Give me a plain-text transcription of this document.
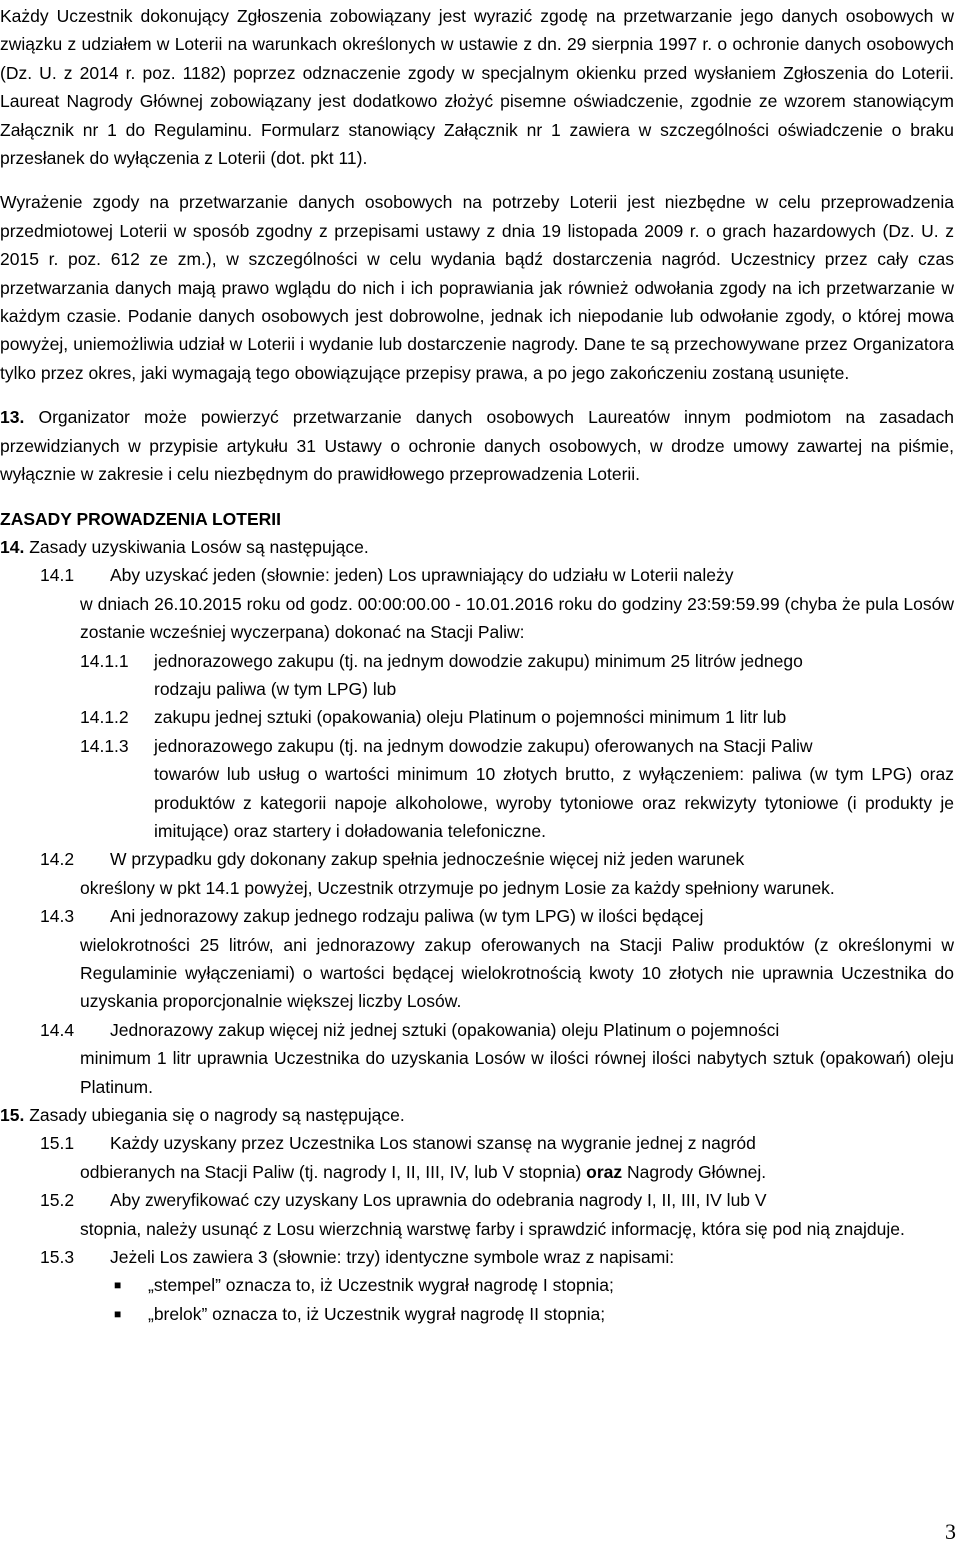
Każdy Uczestnik dokonujący Zgłoszenia zobowiązany jest wyrazić zgodę na przetwarzanie jego danych osobowych w związku z udziałem w Loterii na warunkach określonych w ustawie z dn. 29 sierpnia 1997 r. o ochronie danych osobowych (Dz. U. z 2014 r. poz. 1182) poprzez odznaczenie zgody w specjalnym okienku przed wysłaniem Zgłoszenia do Loterii. Laureat Nagrody Głównej zobowiązany jest dodatkowo złożyć pisemne oświadczenie, zgodnie ze wzorem stanowiącym Załącznik nr 1 do Regulaminu. Formularz stanowiący Załącznik nr 1 zawiera w szczególności oświadczenie o braku przesłanek do wyłączenia z Loterii (dot. pkt 11).

Wyrażenie zgody na przetwarzanie danych osobowych na potrzeby Loterii jest niezbędne w celu przeprowadzenia przedmiotowej Loterii w sposób zgodny z przepisami ustawy z dnia 19 listopada 2009 r. o grach hazardowych (Dz. U. z 2015 r. poz. 612 ze zm.), w szczególności w celu wydania bądź dostarczenia nagród. Uczestnicy przez cały czas przetwarzania danych mają prawo wglądu do nich i ich poprawiania jak również odwołania zgody na ich przetwarzanie w każdym czasie. Podanie danych osobowych jest dobrowolne, jednak ich niepodanie lub odwołanie zgody, o której mowa powyżej, uniemożliwia udział w Loterii i wydanie lub dostarczenie nagrody. Dane te są przechowywane przez Organizatora tylko przez okres, jaki wymagają tego obowiązujące przepisy prawa, a po jego zakończeniu zostaną usunięte.

13. Organizator może powierzyć przetwarzanie danych osobowych Laureatów innym podmiotom na zasadach przewidzianych w przypisie artykułu 31 Ustawy o ochronie danych osobowych, w drodze umowy zawartej na piśmie, wyłącznie w zakresie i celu niezbędnym do prawidłowego przeprowadzenia Loterii.

ZASADY PROWADZENIA LOTERII

14. Zasady uzyskiwania Losów są następujące.

14.1	Aby uzyskać jeden (słownie: jeden) Los uprawniający do udziału w Loterii należy
w dniach 26.10.2015 roku od godz. 00:00:00.00 - 10.01.2016 roku do godziny 23:59:59.99 (chyba że pula Losów zostanie wcześniej wyczerpana) dokonać na Stacji Paliw:
14.1.1	jednorazowego zakupu (tj. na jednym dowodzie zakupu) minimum 25 litrów jednego
rodzaju paliwa (w tym LPG) lub
14.1.2	zakupu jednej sztuki (opakowania) oleju Platinum o pojemności minimum 1 litr lub
14.1.3	jednorazowego zakupu (tj. na jednym dowodzie zakupu) oferowanych na Stacji Paliw
towarów lub usług o wartości minimum 10 złotych brutto, z wyłączeniem: paliwa (w tym LPG) oraz produktów z kategorii napoje alkoholowe, wyroby tytoniowe oraz rekwizyty tytoniowe (i produkty je imitujące) oraz startery i doładowania telefoniczne.
14.2	W przypadku gdy dokonany zakup spełnia jednocześnie więcej niż jeden warunek
określony w pkt 14.1 powyżej, Uczestnik otrzymuje po jednym Losie za każdy spełniony warunek.
14.3	Ani jednorazowy zakup jednego rodzaju paliwa (w tym LPG) w ilości będącej
wielokrotności 25 litrów, ani jednorazowy zakup oferowanych na Stacji Paliw produktów (z określonymi w Regulaminie wyłączeniami) o wartości będącej wielokrotnością kwoty 10 złotych nie uprawnia Uczestnika do uzyskania proporcjonalnie większej liczby Losów.
14.4	Jednorazowy zakup więcej niż jednej sztuki (opakowania) oleju Platinum o pojemności
minimum 1 litr uprawnia Uczestnika do uzyskania Losów w ilości równej ilości nabytych sztuk (opakowań) oleju Platinum.

15. Zasady ubiegania się o nagrody są następujące.

15.1	Każdy uzyskany przez Uczestnika Los stanowi szansę na wygranie jednej z nagród
odbieranych na Stacji Paliw (tj. nagrody I, II, III, IV, lub V stopnia) oraz Nagrody Głównej.
15.2	Aby zweryfikować czy uzyskany Los uprawnia do odebrania nagrody I, II, III, IV lub V
stopnia, należy usunąć z Losu wierzchnią warstwę farby i sprawdzić informację, która się pod nią znajduje.
15.3	Jeżeli Los zawiera 3 (słownie: trzy) identyczne symbole wraz z napisami:
■	„stempel” oznacza to, iż Uczestnik wygrał nagrodę I stopnia;
■	„brelok” oznacza to, iż Uczestnik wygrał nagrodę II stopnia;
3
